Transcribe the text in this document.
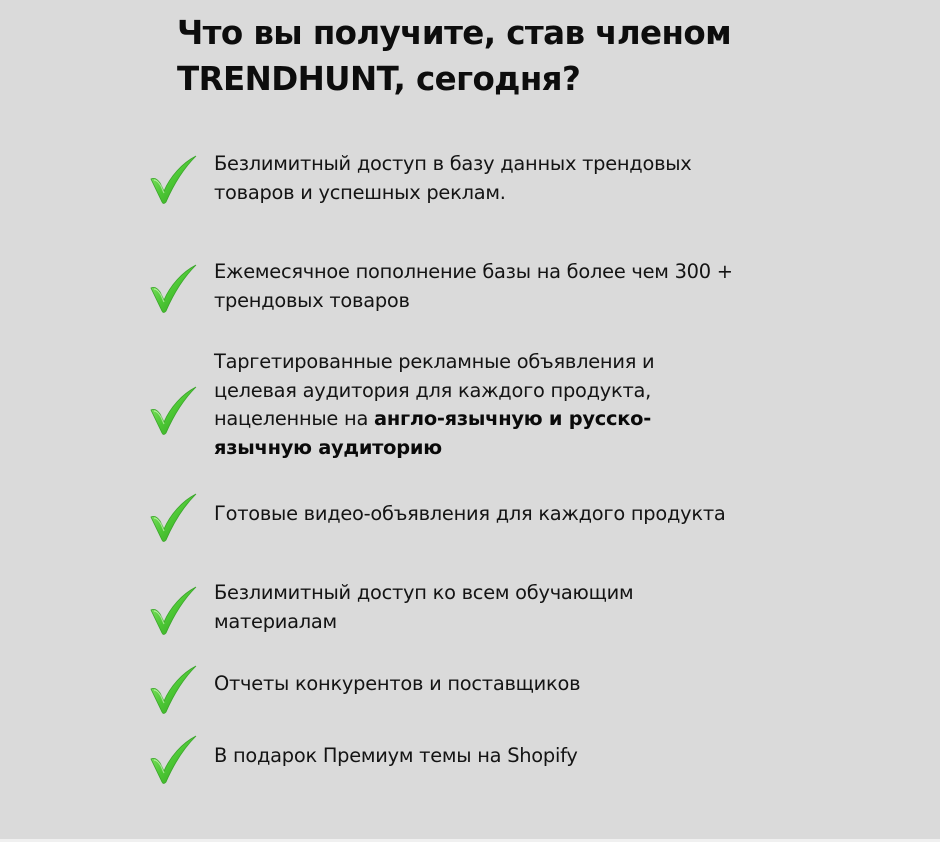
Что вы получите, став членом
TRENDHUNT, сегодня?
Безлимитный доступ в базу данных трендовых
товаров и успешных реклам.
Ежемесячное пополнение базы на более чем 300 +
трендовых товаров
Таргетированные рекламные объявления и
целевая аудитория для каждого продукта,
нацеленные на англо-язычную и русско-
язычную аудиторию
Готовые видео-объявления для каждого продукта
Безлимитный доступ ко всем обучающим
материалам
Отчеты конкурентов и поставщиков
В подарок Премиум темы на Shopify
